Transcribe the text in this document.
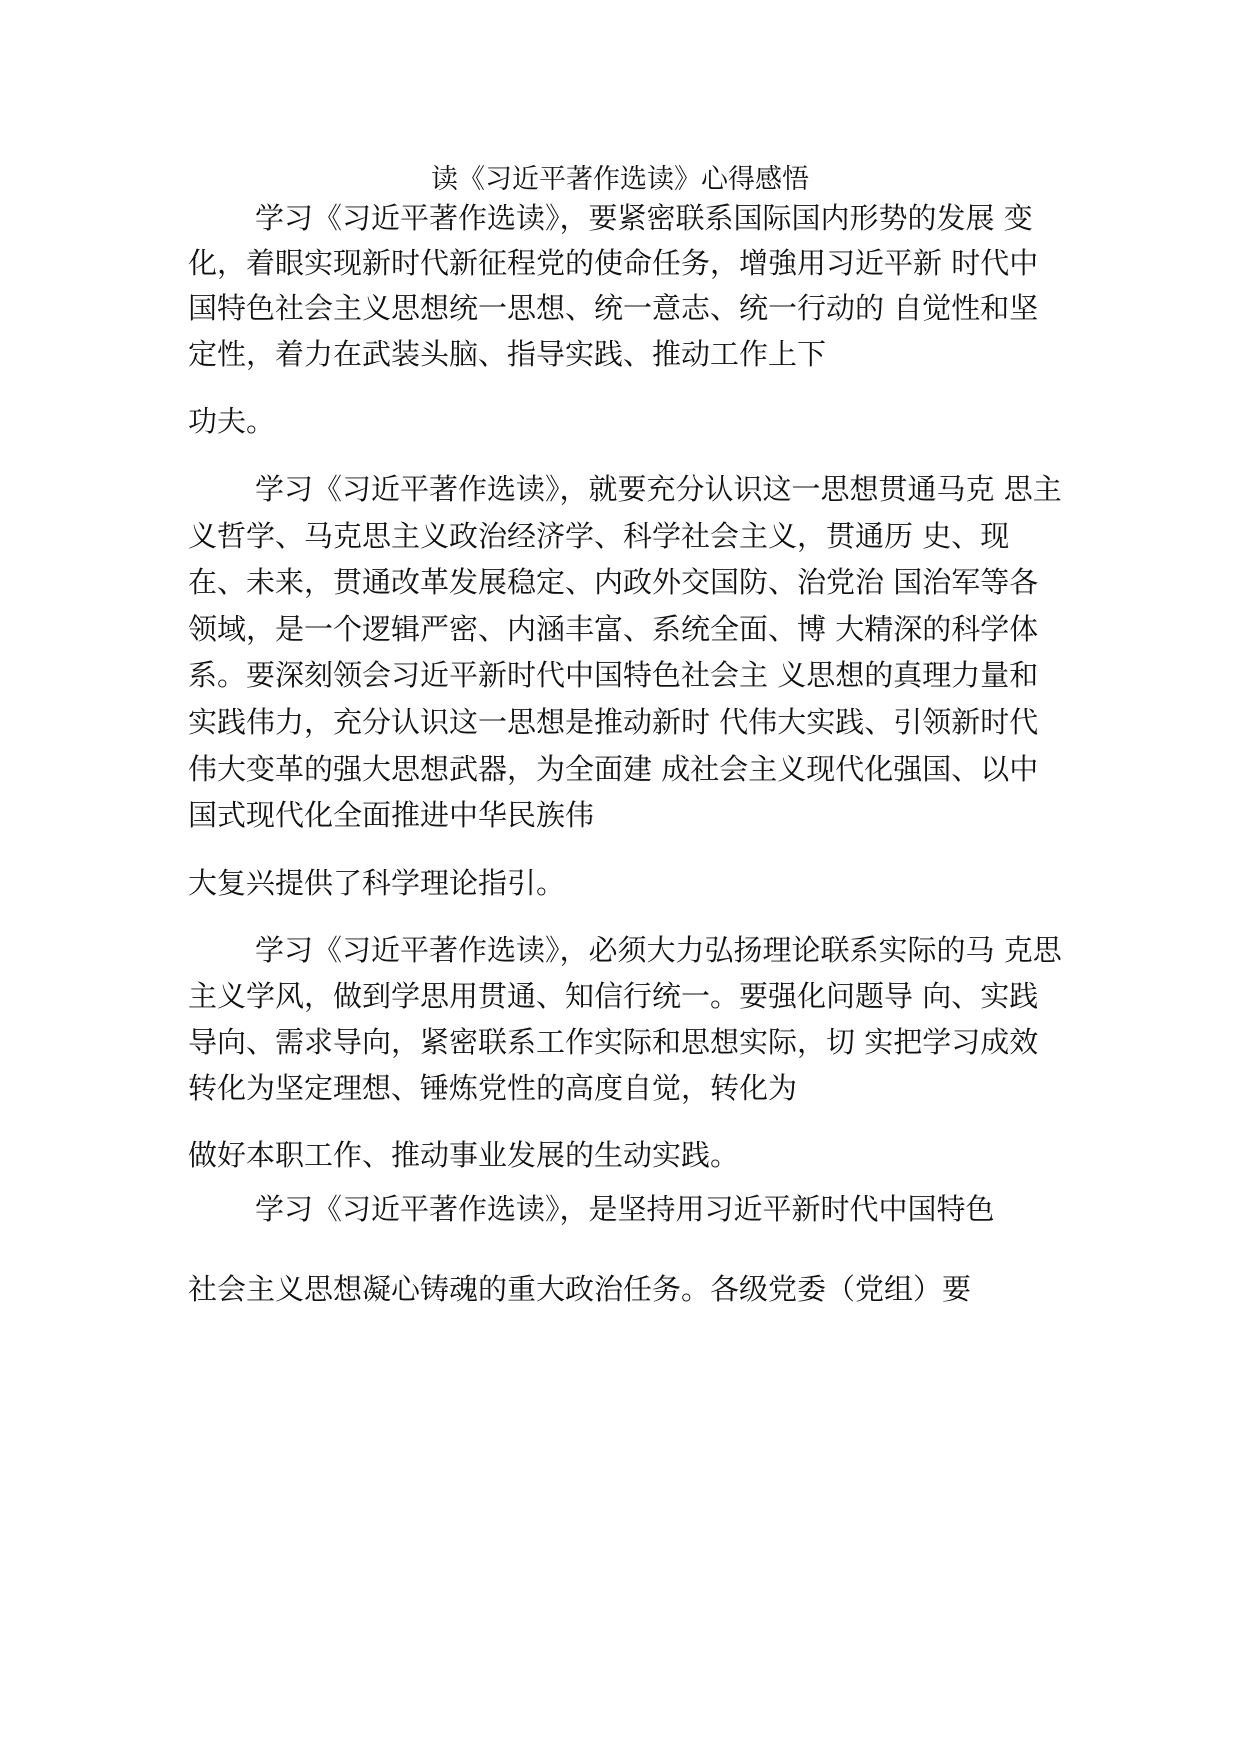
读《习近平著作选读》心得感悟
学习《习近平著作选读》，要紧密联系国际国内形势的发展 变
化，着眼实现新时代新征程党的使命任务，增強用习近平新 时代中
国特色社会主义思想统一思想、统一意志、统一行动的 自觉性和坚
定性，着力在武装头脑、指导实践、推动工作上下
功夫。
学习《习近平著作选读》，就要充分认识这一思想贯通马克 思主
义哲学、马克思主义政治经济学、科学社会主义，贯通历 史、现
在、未来，贯通改革发展稳定、内政外交国防、治党治 国治军等各
领域，是一个逻辑严密、内涵丰富、系统全面、博 大精深的科学体
系。要深刻领会习近平新时代中国特色社会主 义思想的真理力量和
实践伟力，充分认识这一思想是推动新时 代伟大实践、引领新时代
伟大变革的强大思想武器，为全面建 成社会主义现代化强国、以中
国式现代化全面推进中华民族伟
大复兴提供了科学理论指引。
学习《习近平著作选读》，必须大力弘扬理论联系实际的马 克思
主义学风，做到学思用贯通、知信行统一。要强化问题导 向、实践
导向、需求导向，紧密联系工作实际和思想实际，切 实把学习成效
转化为坚定理想、锤炼党性的高度自觉，转化为
做好本职工作、推动事业发展的生动实践。
学习《习近平著作选读》，是坚持用习近平新时代中国特色
社会主义思想凝心铸魂的重大政治任务。各级党委（党组）要
